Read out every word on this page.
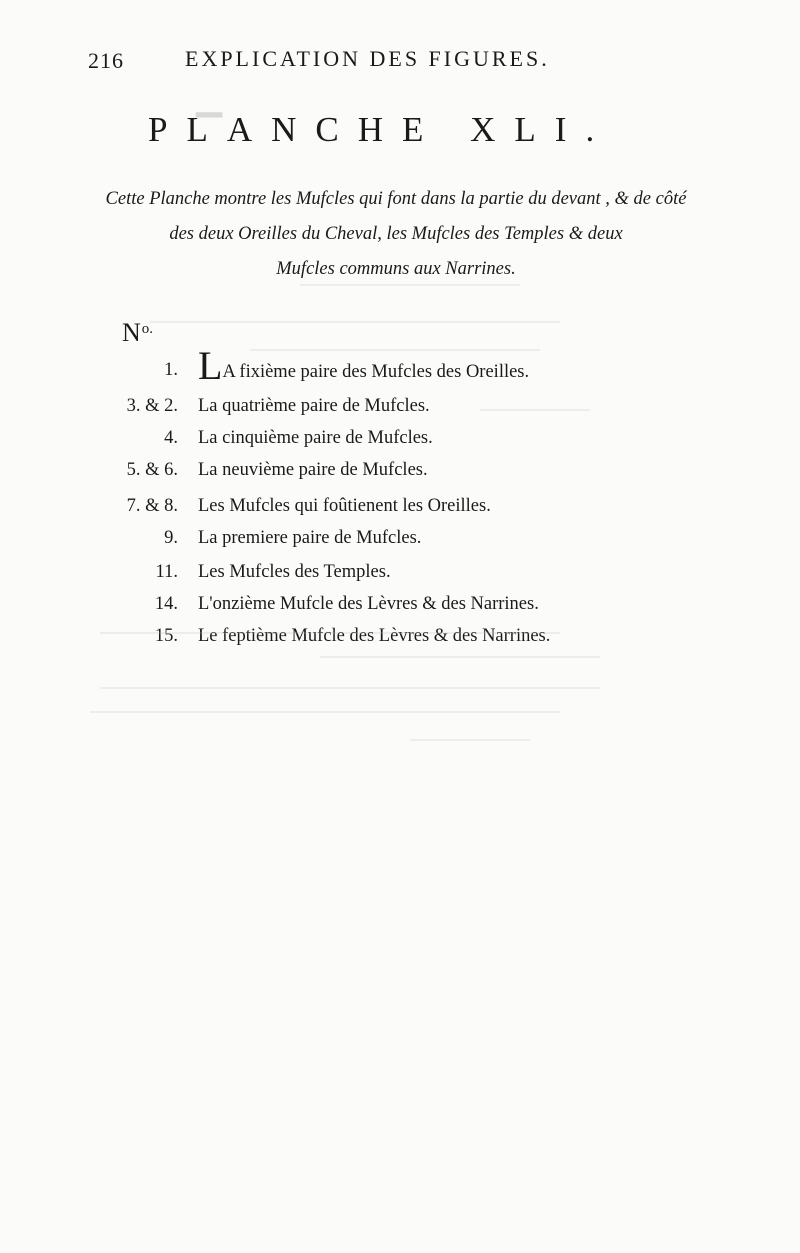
▁
216	EXPLICATION DES FIGURES.
PLANCHE XLI.
Cette Planche montre les Mufcles qui font dans la partie du devant , & de côté
des deux Oreilles du Cheval, les Mufcles des Temples & deux
Mufcles communs aux Narrines.
$N^{o.}$
1. LA fixième paire des Mufcles des Oreilles.
3. & 2. La quatrième paire de Mufcles.
4. La cinquième paire de Mufcles.
5. & 6. La neuvième paire de Mufcles.
7. & 8. Les Mufcles qui foûtienent les Oreilles.
9. La premiere paire de Mufcles.
11. Les Mufcles des Temples.
14. L'onzième Mufcle des Lèvres & des Narrines.
15. Le feptième Mufcle des Lèvres & des Narrines.
